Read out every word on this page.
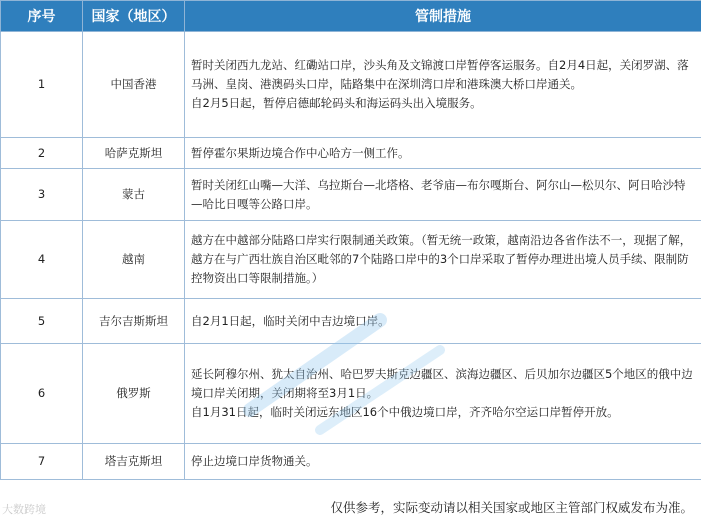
序号	国家（地区）	管制措施
1	中国香港	暂时关闭西九龙站、红磡站口岸，沙头角及文锦渡口岸暂停客运服务。自2月4日起，关闭罗湖、落马洲、皇岗、港澳码头口岸，陆路集中在深圳湾口岸和港珠澳大桥口岸通关。
自2月5日起，暂停启德邮轮码头和海运码头出入境服务。

2	哈萨克斯坦	暂停霍尔果斯边境合作中心哈方一侧工作。

3	蒙古	暂时关闭红山嘴—大洋、乌拉斯台—北塔格、老爷庙—布尔嘎斯台、阿尔山—松贝尔、阿日哈沙特—哈比日嘎等公路口岸。

4	越南	越方在中越部分陆路口岸实行限制通关政策。（暂无统一政策，越南沿边各省作法不一，现据了解，越方在与广西壮族自治区毗邻的7个陆路口岸中的3个口岸采取了暂停办理进出境人员手续、限制防控物资出口等限制措施。）

5	吉尔吉斯斯坦	自2月1日起，临时关闭中吉边境口岸。

6	俄罗斯	延长阿穆尔州、犹太自治州、哈巴罗夫斯克边疆区、滨海边疆区、后贝加尔边疆区5个地区的俄中边境口岸关闭期，关闭期将至3月1日。
自1月31日起，临时关闭远东地区16个中俄边境口岸，齐齐哈尔空运口岸暂停开放。

7	塔吉克斯坦	停止边境口岸货物通关。
大数跨境	仅供参考，实际变动请以相关国家或地区主管部门权威发布为准。
